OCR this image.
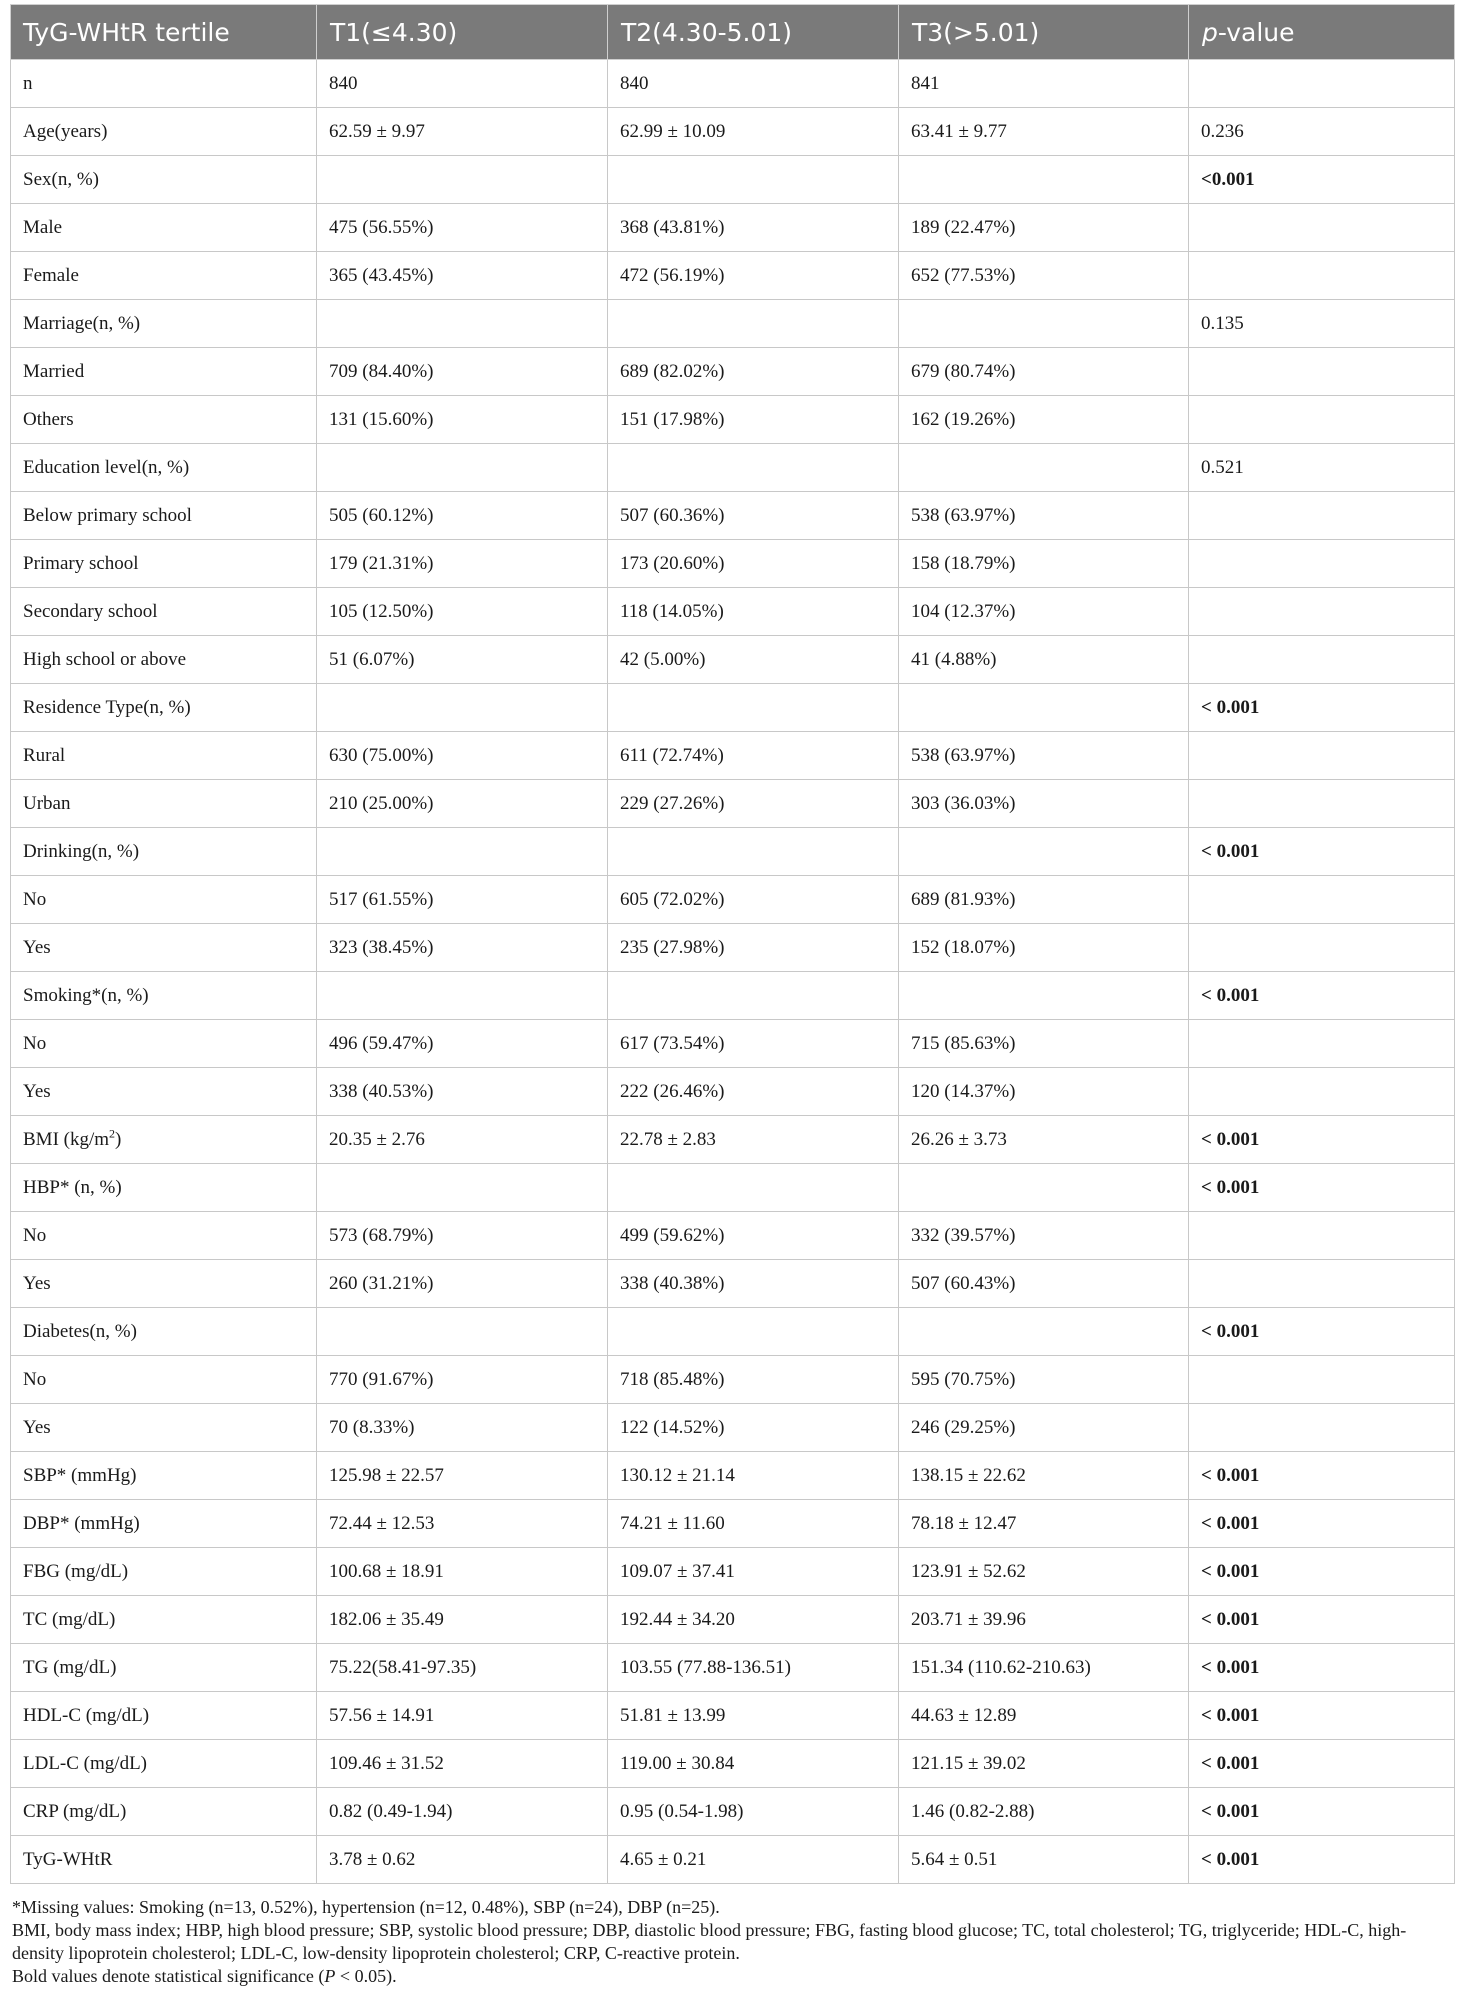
TyG-WHtR tertile	T1(≤4.30)	T2(4.30-5.01)	T3(>5.01)	p-value
n	840	840	841	
Age(years)	62.59 ± 9.97	62.99 ± 10.09	63.41 ± 9.77	0.236
Sex(n, %)				<0.001
Male	475 (56.55%)	368 (43.81%)	189 (22.47%)	
Female	365 (43.45%)	472 (56.19%)	652 (77.53%)	
Marriage(n, %)				0.135
Married	709 (84.40%)	689 (82.02%)	679 (80.74%)	
Others	131 (15.60%)	151 (17.98%)	162 (19.26%)	
Education level(n, %)				0.521
Below primary school	505 (60.12%)	507 (60.36%)	538 (63.97%)	
Primary school	179 (21.31%)	173 (20.60%)	158 (18.79%)	
Secondary school	105 (12.50%)	118 (14.05%)	104 (12.37%)	
High school or above	51 (6.07%)	42 (5.00%)	41 (4.88%)	
Residence Type(n, %)				< 0.001
Rural	630 (75.00%)	611 (72.74%)	538 (63.97%)	
Urban	210 (25.00%)	229 (27.26%)	303 (36.03%)	
Drinking(n, %)				< 0.001
No	517 (61.55%)	605 (72.02%)	689 (81.93%)	
Yes	323 (38.45%)	235 (27.98%)	152 (18.07%)	
Smoking*(n, %)				< 0.001
No	496 (59.47%)	617 (73.54%)	715 (85.63%)	
Yes	338 (40.53%)	222 (26.46%)	120 (14.37%)	
BMI $(kg/m^2)$	20.35 ± 2.76	22.78 ± 2.83	26.26 ± 3.73	< 0.001
HBP* (n, %)				< 0.001
No	573 (68.79%)	499 (59.62%)	332 (39.57%)	
Yes	260 (31.21%)	338 (40.38%)	507 (60.43%)	
Diabetes(n, %)				< 0.001
No	770 (91.67%)	718 (85.48%)	595 (70.75%)	
Yes	70 (8.33%)	122 (14.52%)	246 (29.25%)	
SBP* (mmHg)	125.98 ± 22.57	130.12 ± 21.14	138.15 ± 22.62	< 0.001
DBP* (mmHg)	72.44 ± 12.53	74.21 ± 11.60	78.18 ± 12.47	< 0.001
FBG (mg/dL)	100.68 ± 18.91	109.07 ± 37.41	123.91 ± 52.62	< 0.001
TC (mg/dL)	182.06 ± 35.49	192.44 ± 34.20	203.71 ± 39.96	< 0.001
TG (mg/dL)	75.22(58.41-97.35)	103.55 (77.88-136.51)	151.34 (110.62-210.63)	< 0.001
HDL-C (mg/dL)	57.56 ± 14.91	51.81 ± 13.99	44.63 ± 12.89	< 0.001
LDL-C (mg/dL)	109.46 ± 31.52	119.00 ± 30.84	121.15 ± 39.02	< 0.001
CRP (mg/dL)	0.82 (0.49-1.94)	0.95 (0.54-1.98)	1.46 (0.82-2.88)	< 0.001
TyG-WHtR	3.78 ± 0.62	4.65 ± 0.21	5.64 ± 0.51	< 0.001
*Missing values: Smoking (n=13, 0.52%), hypertension (n=12, 0.48%), SBP (n=24), DBP (n=25).
BMI, body mass index; HBP, high blood pressure; SBP, systolic blood pressure; DBP, diastolic blood pressure; FBG, fasting blood glucose; TC, total cholesterol; TG, triglyceride; HDL-C, high-
density lipoprotein cholesterol; LDL-C, low-density lipoprotein cholesterol; CRP, C-reactive protein.
Bold values denote statistical significance (P < 0.05).
